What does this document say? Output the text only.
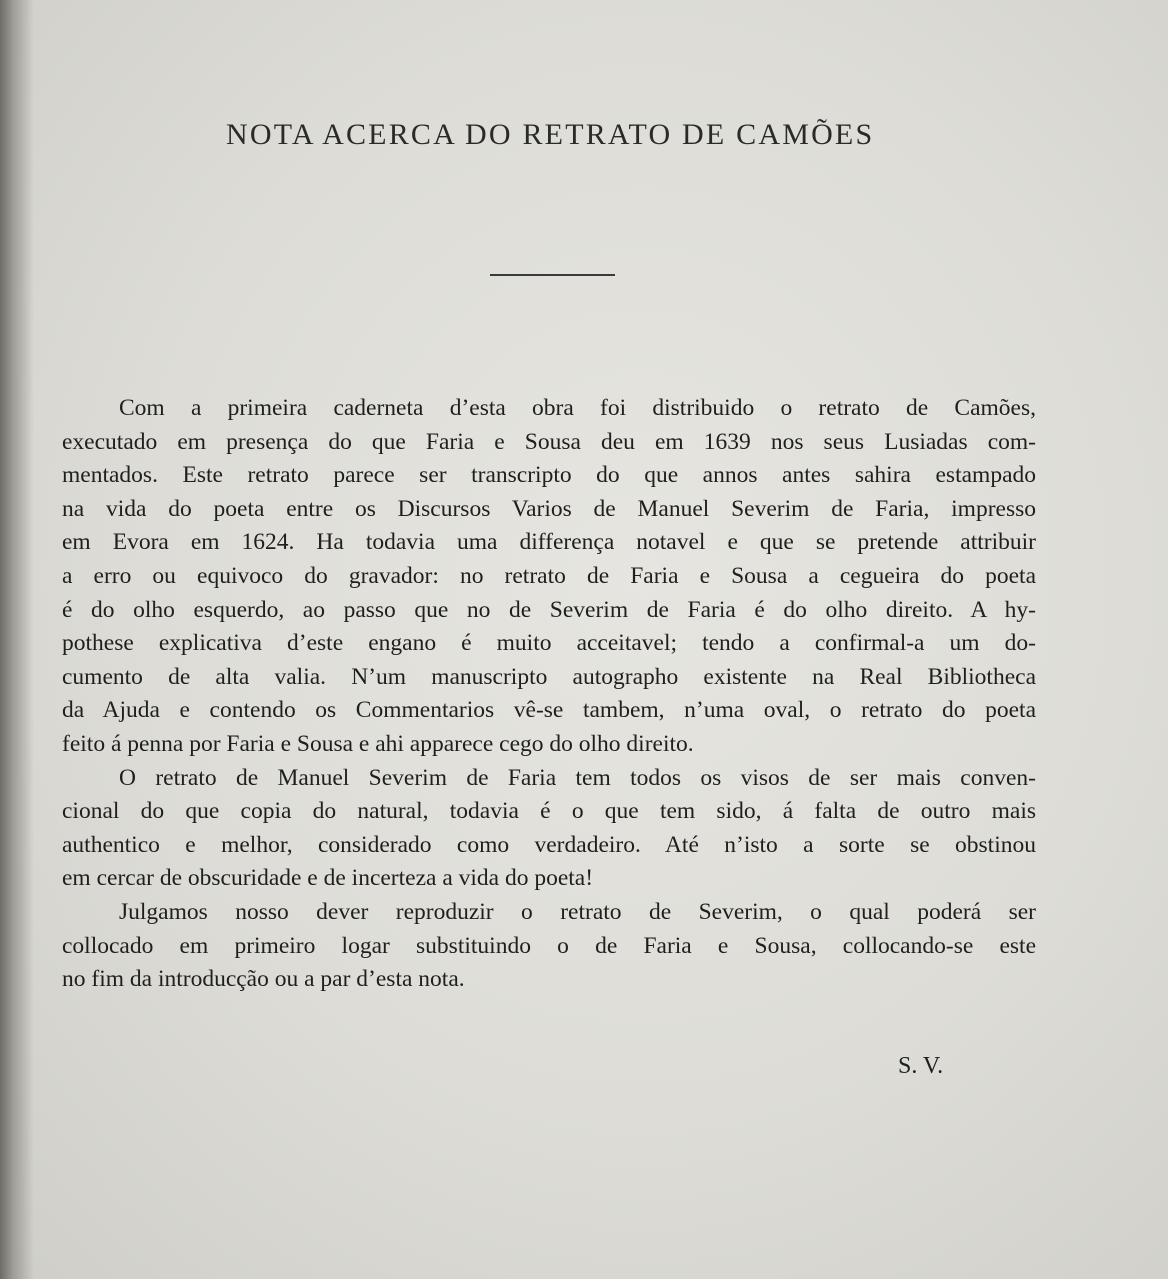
NOTA ACERCA DO RETRATO DE CAMÕES
Com a primeira caderneta d’esta obra foi distribuido o retrato de Camões,
executado em presença do que Faria e Sousa deu em 1639 nos seus Lusiadas com-
mentados. Este retrato parece ser transcripto do que annos antes sahira estampado
na vida do poeta entre os Discursos Varios de Manuel Severim de Faria, impresso
em Evora em 1624. Ha todavia uma differença notavel e que se pretende attribuir
a erro ou equivoco do gravador: no retrato de Faria e Sousa a cegueira do poeta
é do olho esquerdo, ao passo que no de Severim de Faria é do olho direito. A hy-
pothese explicativa d’este engano é muito acceitavel; tendo a confirmal-a um do-
cumento de alta valia. N’um manuscripto autographo existente na Real Bibliotheca
da Ajuda e contendo os Commentarios vê-se tambem, n’uma oval, o retrato do poeta
feito á penna por Faria e Sousa e ahi apparece cego do olho direito.
O retrato de Manuel Severim de Faria tem todos os visos de ser mais conven-
cional do que copia do natural, todavia é o que tem sido, á falta de outro mais
authentico e melhor, considerado como verdadeiro. Até n’isto a sorte se obstinou
em cercar de obscuridade e de incerteza a vida do poeta!
Julgamos nosso dever reproduzir o retrato de Severim, o qual poderá ser
collocado em primeiro logar substituindo o de Faria e Sousa, collocando-se este
no fim da introducção ou a par d’esta nota.
S. V.
